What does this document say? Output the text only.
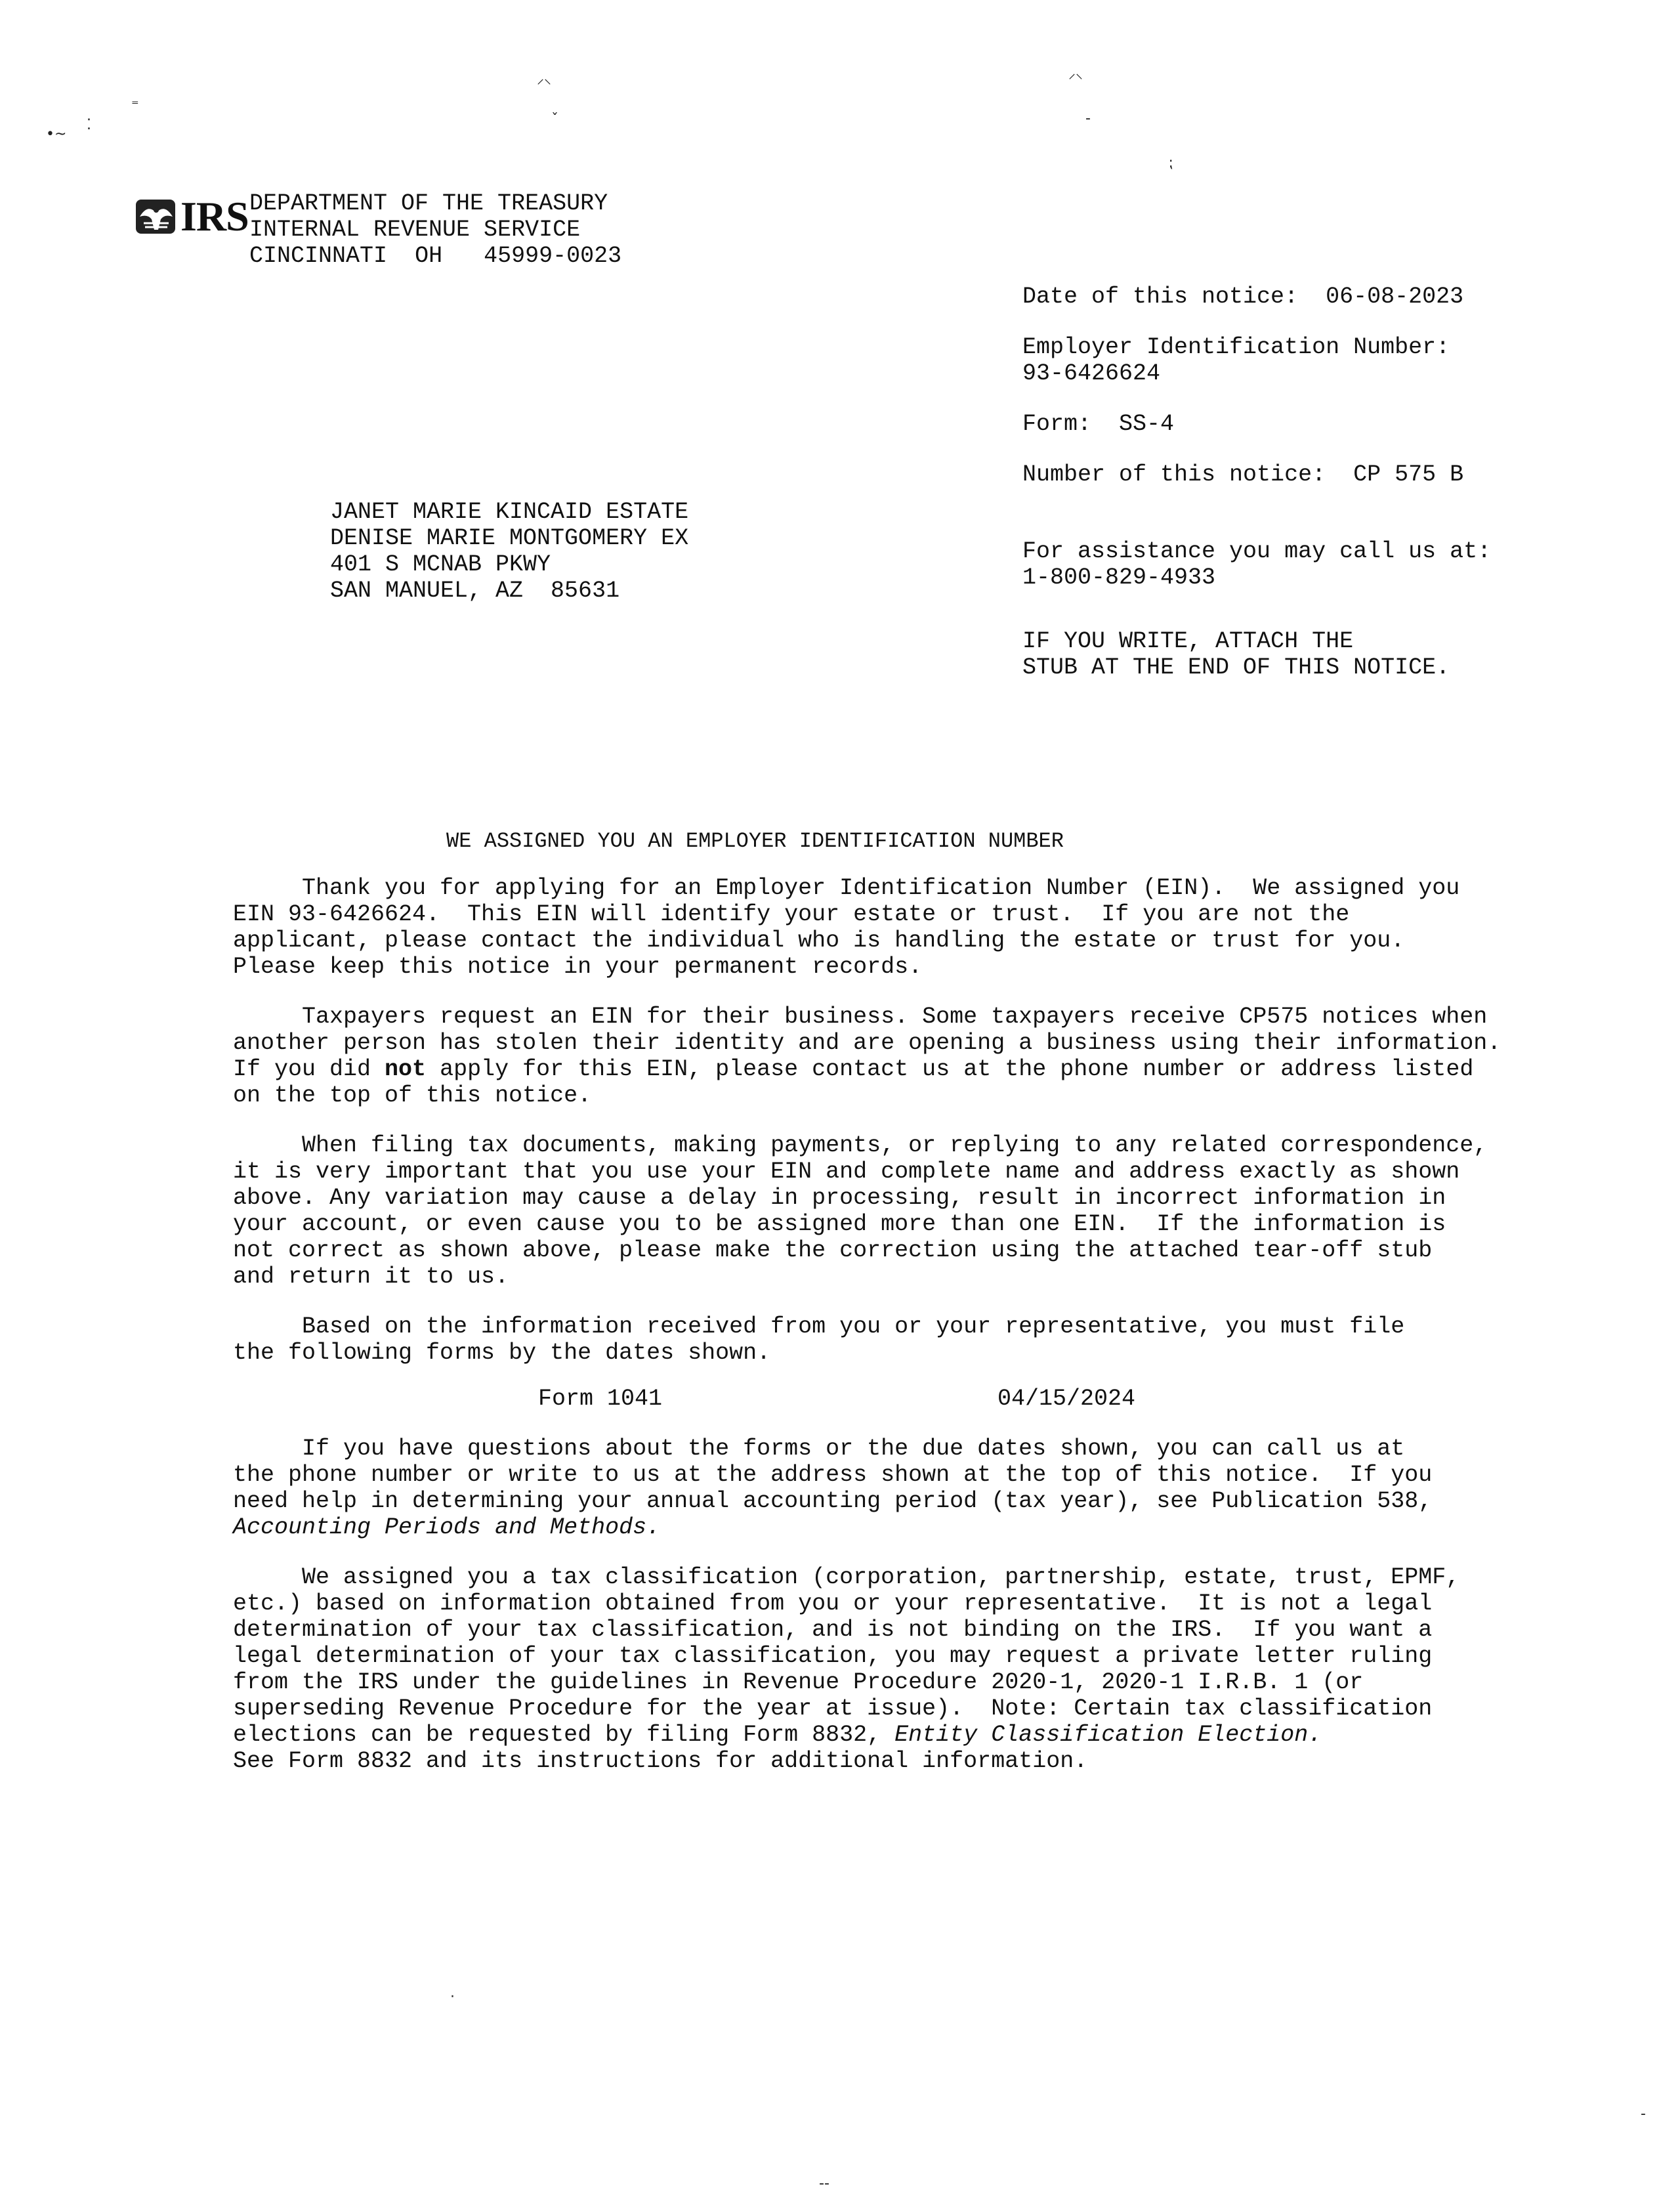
•~
⁚
⁼
⸝⸜
ˇ
⸝⸜
‐
⁏
·
‐‐
‐
IRS DEPARTMENT OF THE TREASURY
INTERNAL REVENUE SERVICE
CINCINNATI OH 45999-0023
Date of this notice: 06-08-2023
Employer Identification Number:
93-6426624
Form: SS-4
Number of this notice: CP 575 B
For assistance you may call us at:
1-800-829-4933
IF YOU WRITE, ATTACH THE
STUB AT THE END OF THIS NOTICE.
JANET MARIE KINCAID ESTATE
DENISE MARIE MONTGOMERY EX
401 S MCNAB PKWY
SAN MANUEL, AZ  85631
WE ASSIGNED YOU AN EMPLOYER IDENTIFICATION NUMBER

Thank you for applying for an Employer Identification Number (EIN).  We assigned you
EIN 93-6426624.  This EIN will identify your estate or trust.  If you are not the
applicant, please contact the individual who is handling the estate or trust for you.
Please keep this notice in your permanent records.

Taxpayers request an EIN for their business. Some taxpayers receive CP575 notices when
another person has stolen their identity and are opening a business using their information.
If you did not apply for this EIN, please contact us at the phone number or address listed
on the top of this notice.

When filing tax documents, making payments, or replying to any related correspondence,
it is very important that you use your EIN and complete name and address exactly as shown
above. Any variation may cause a delay in processing, result in incorrect information in
your account, or even cause you to be assigned more than one EIN.  If the information is
not correct as shown above, please make the correction using the attached tear-off stub
and return it to us.

Based on the information received from you or your representative, you must file
the following forms by the dates shown.

Form 1041	04/15/2024

If you have questions about the forms or the due dates shown, you can call us at
the phone number or write to us at the address shown at the top of this notice.  If you
need help in determining your annual accounting period (tax year), see Publication 538,
Accounting Periods and Methods.

We assigned you a tax classification (corporation, partnership, estate, trust, EPMF,
etc.) based on information obtained from you or your representative.  It is not a legal
determination of your tax classification, and is not binding on the IRS.  If you want a
legal determination of your tax classification, you may request a private letter ruling
from the IRS under the guidelines in Revenue Procedure 2020-1, 2020-1 I.R.B. 1 (or
superseding Revenue Procedure for the year at issue).  Note: Certain tax classification
elections can be requested by filing Form 8832, Entity Classification Election.
See Form 8832 and its instructions for additional information.
